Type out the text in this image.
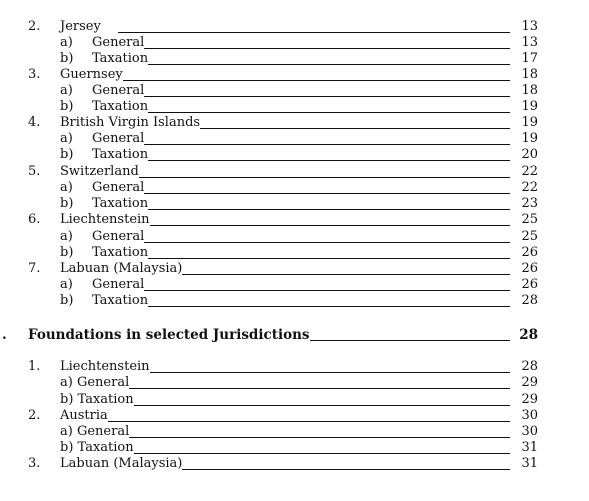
2. Jersey	13
a) General	13
b) Taxation	17
3. Guernsey	18
a) General	18
b) Taxation	19
4. British Virgin Islands	19
a) General	19
b) Taxation	20
5. Switzerland	22
a) General	22
b) Taxation	23
6. Liechtenstein	25
a) General	25
b) Taxation	26
7. Labuan (Malaysia)	26
a) General	26
b) Taxation	28
. Foundations in selected Jurisdictions	28
1. Liechtenstein	28
a) General	29
b) Taxation	29
2. Austria	30
a) General	30
b) Taxation	31
3. Labuan (Malaysia)	31
